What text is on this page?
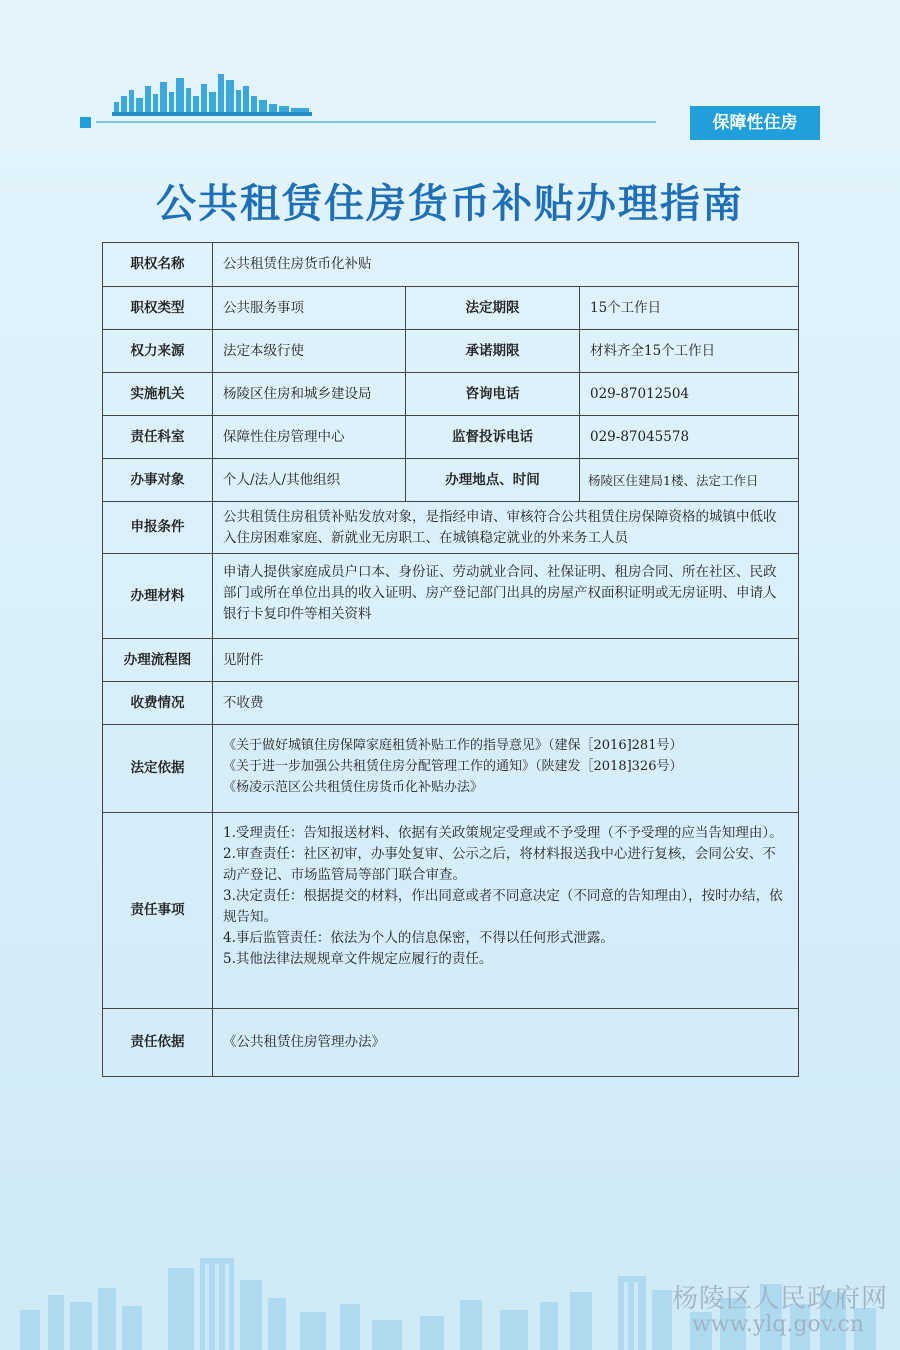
保障性住房
公共租赁住房货币补贴办理指南
职权名称	公共租赁住房货币化补贴		
职权类型	公共服务事项	法定期限	15个工作日
权力来源	法定本级行使	承诺期限	材料齐全15个工作日
实施机关	杨陵区住房和城乡建设局	咨询电话	029-87012504
责任科室	保障性住房管理中心	监督投诉电话	029-87045578
办事对象	个人/法人/其他组织	办理地点、时间	杨陵区住建局1楼、法定工作日
申报条件	公共租赁住房租赁补贴发放对象，是指经申请、审核符合公共租赁住房保障资格的城镇中低收入住房困难家庭、新就业无房职工、在城镇稳定就业的外来务工人员		
办理材料	申请人提供家庭成员户口本、身份证、劳动就业合同、社保证明、租房合同、所在社区、民政部门或所在单位出具的收入证明、房产登记部门出具的房屋产权面积证明或无房证明、申请人银行卡复印件等相关资料		
办理流程图	见附件		
收费情况	不收费		
法定依据	《关于做好城镇住房保障家庭租赁补贴工作的指导意见》（建保［2016]281号）
《关于进一步加强公共租赁住房分配管理工作的通知》（陕建发［2018]326号）
《杨凌示范区公共租赁住房货币化补贴办法》		

责任事项	1.受理责任：告知报送材料、依据有关政策规定受理或不予受理（不予受理的应当告知理由）。
2.审查责任：社区初审，办事处复审、公示之后，将材料报送我中心进行复核，会同公安、不动产登记、市场监管局等部门联合审查。
3.决定责任：根据提交的材料，作出同意或者不同意决定（不同意的告知理由），按时办结，依规告知。
4.事后监管责任：依法为个人的信息保密，不得以任何形式泄露。
5.其他法律法规规章文件规定应履行的责任。		

责任依据	《公共租赁住房管理办法》		
杨陵区人民政府网
www.ylq.gov.cn
